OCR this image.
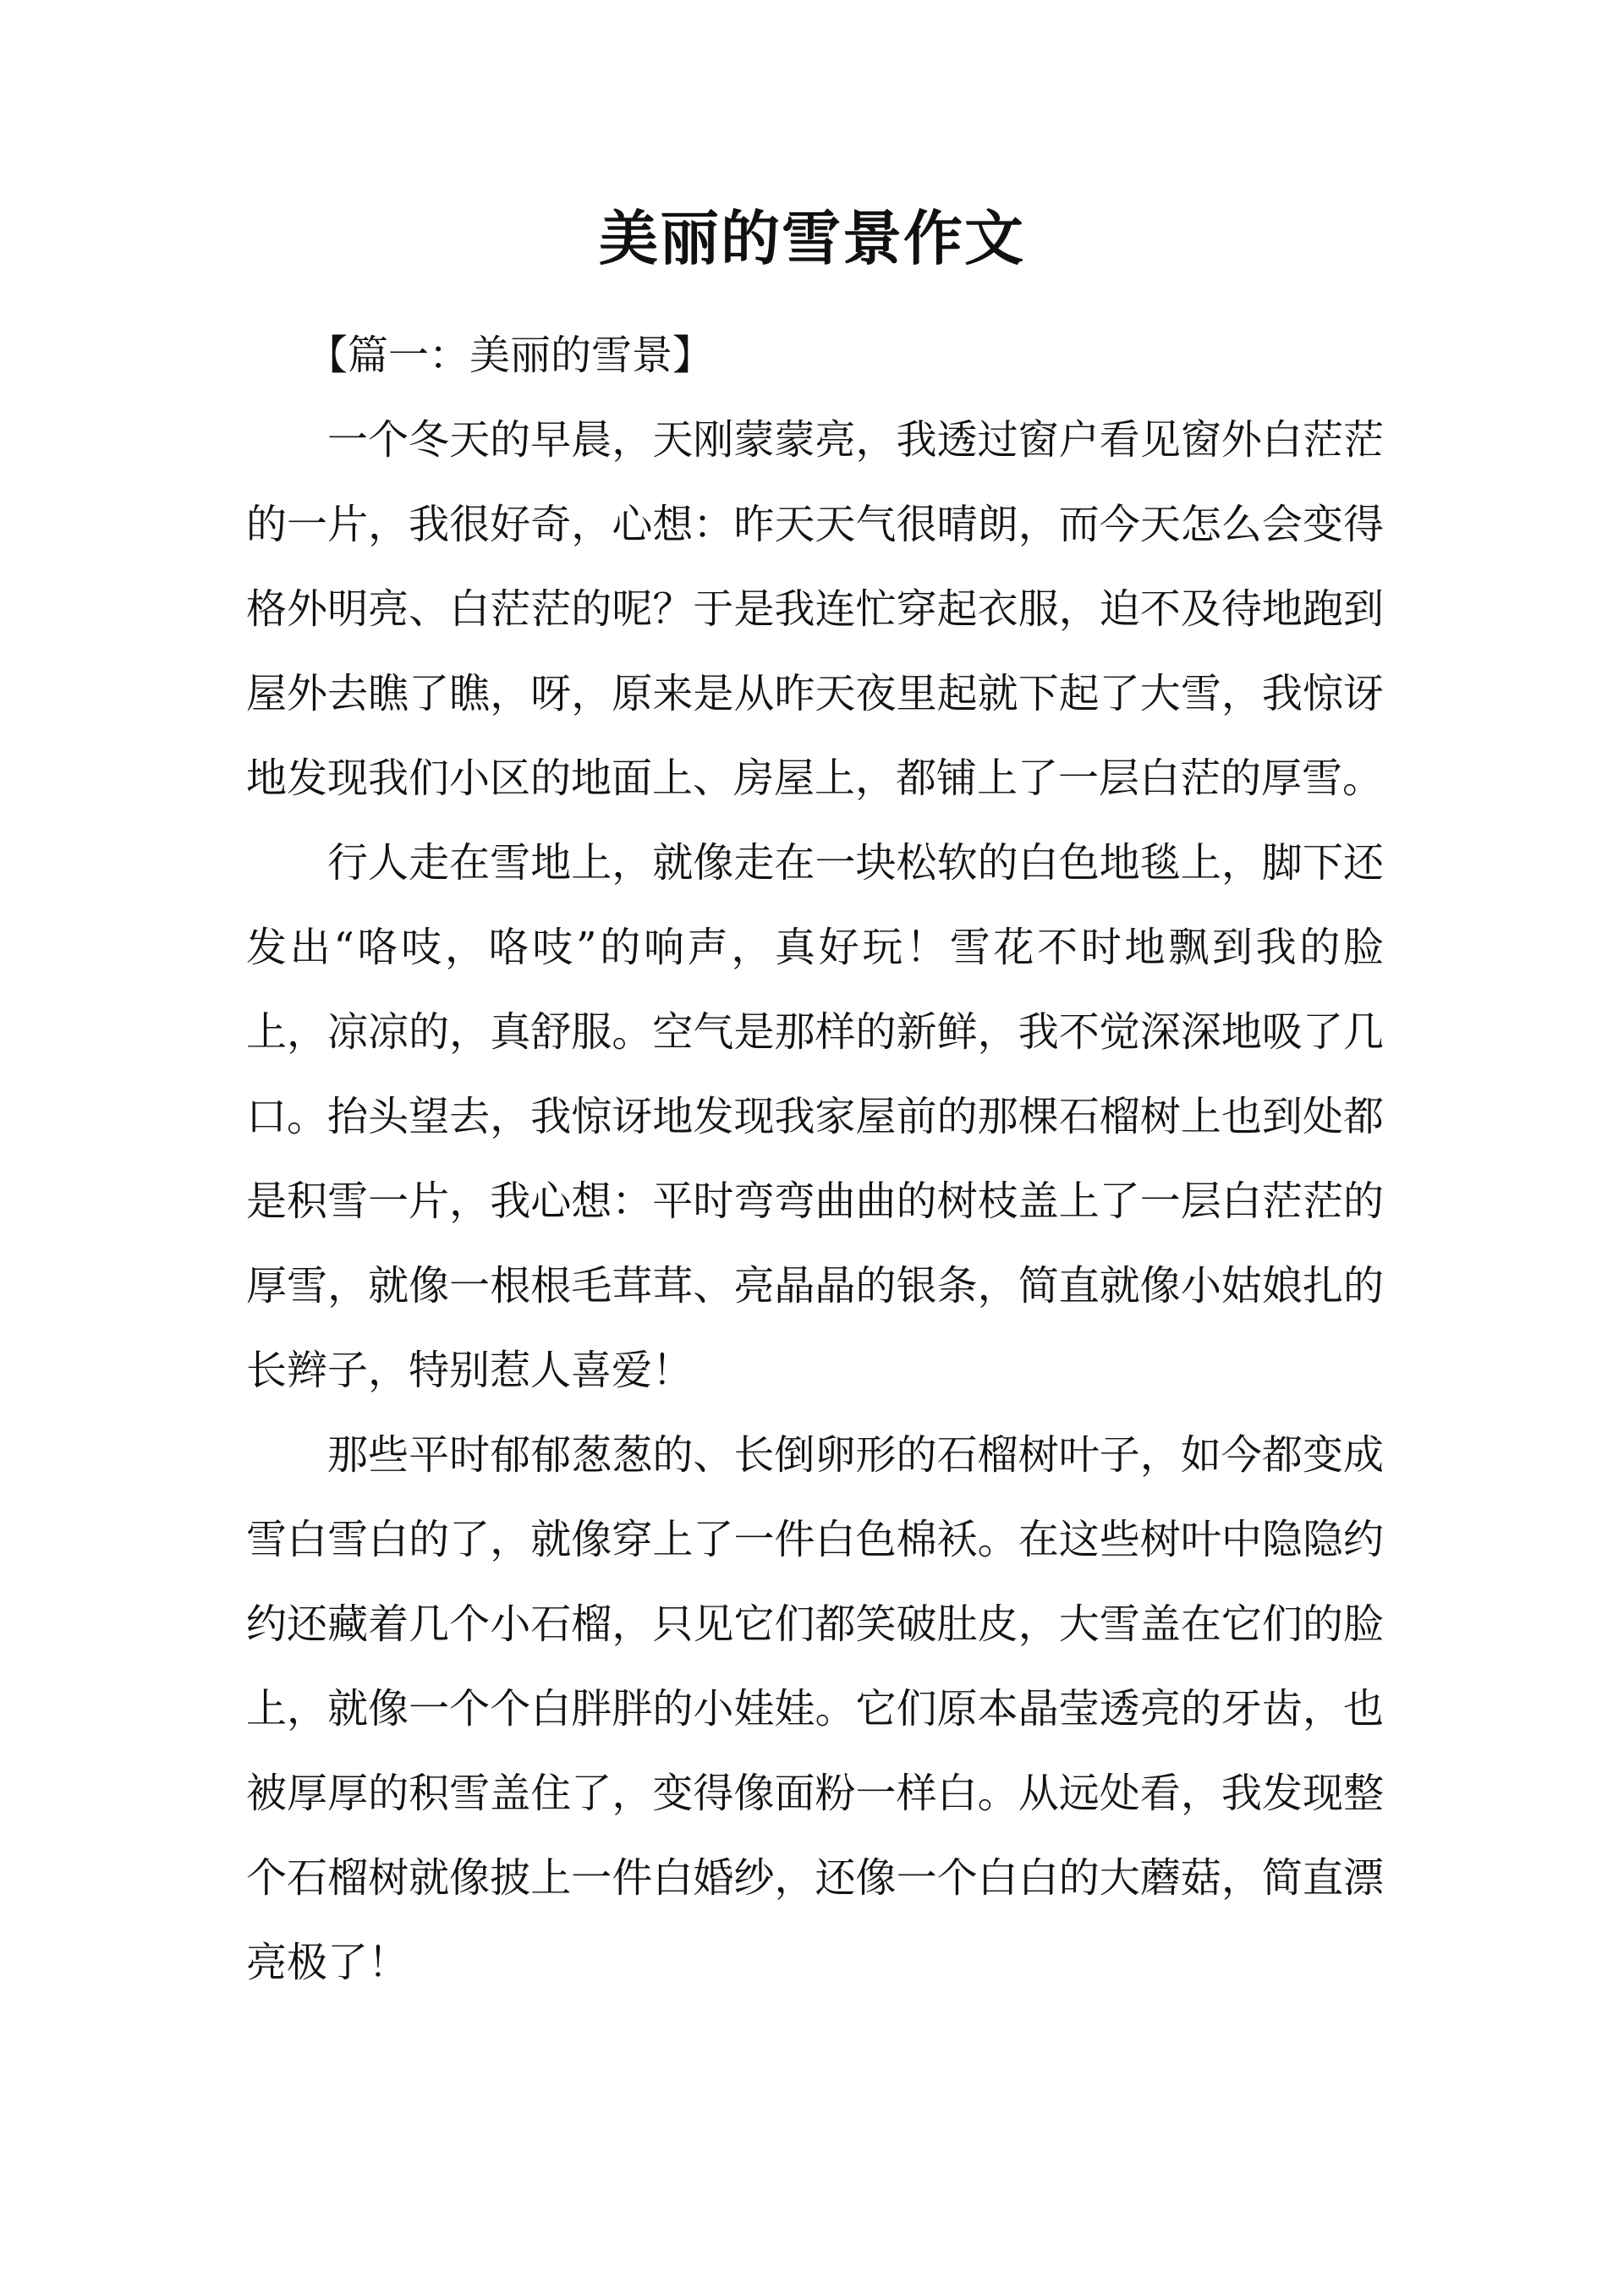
美丽的雪景作文

【篇一：美丽的雪景】

一个冬天的早晨，天刚蒙蒙亮，我透过窗户看见窗外白茫茫的一片，我很好奇，心想：昨天天气很晴朗，而今天怎么会变得格外明亮、白茫茫的呢？于是我连忙穿起衣服，迫不及待地跑到屋外去瞧了瞧，呀，原来是从昨天夜里起就下起了大雪，我惊讶地发现我们小区的地面上、房屋上，都铺上了一层白茫的厚雪。

行人走在雪地上，就像走在一块松软的白色地毯上，脚下还发出“咯吱，咯吱”的响声，真好玩！雪花不时地飘到我的脸上，凉凉的，真舒服。空气是那样的新鲜，我不觉深深地吸了几口。抬头望去，我惊讶地发现我家屋前的那棵石榴树上也到处都是积雪一片，我心想：平时弯弯曲曲的树枝盖上了一层白茫茫的厚雪，就像一根根毛茸茸、亮晶晶的银条，简直就像小姑娘扎的长辫子，特别惹人喜爱！

那些平时郁郁葱葱的、长倒卵形的石榴树叶子，如今都变成雪白雪白的了，就像穿上了一件白色棉袄。在这些树叶中隐隐约约还藏着几个小石榴，只见它们都笑破肚皮，大雪盖在它们的脸上，就像一个个白胖胖的小娃娃。它们原本晶莹透亮的牙齿，也被厚厚的积雪盖住了，变得像面粉一样白。从远处看，我发现整个石榴树就像披上一件白婚纱，还像一个白白的大蘑菇，简直漂亮极了！
